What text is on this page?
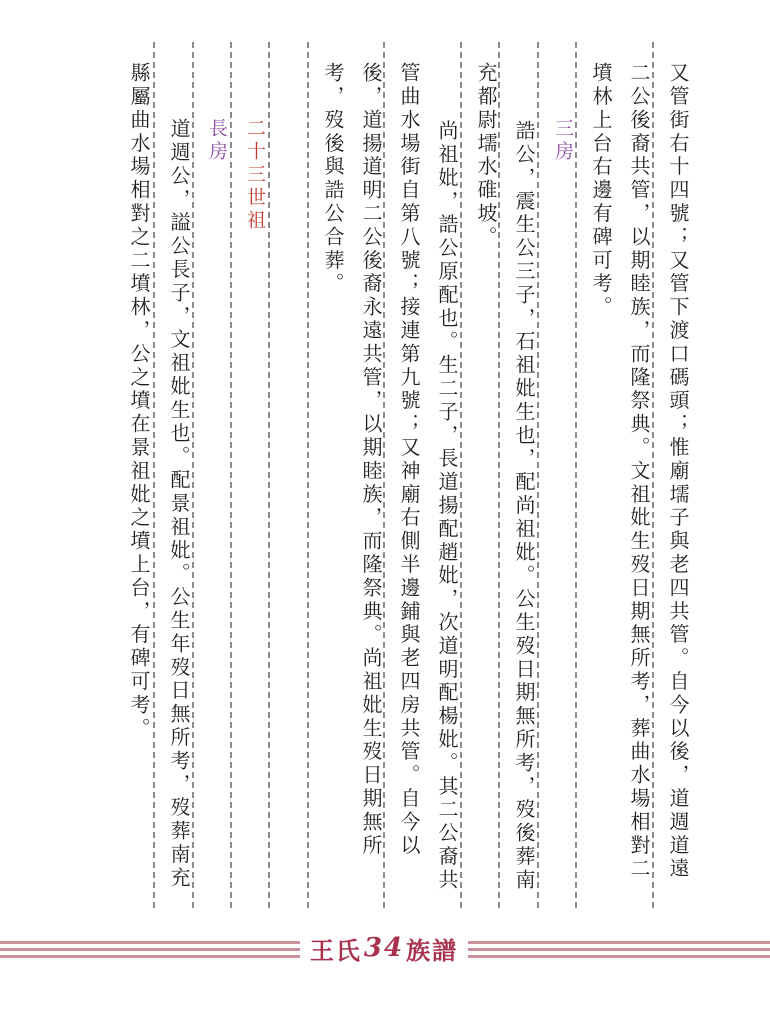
又管街右十四號；又管下渡口碼頭；惟廟壖子與老四共管。自今以後，道週道遠
二公後裔共管，以期睦族，而隆祭典。文祖妣生歿日期無所考，葬曲水場相對二
墳林上台右邊有碑可考。
三房
誥公，震生公三子，石祖妣生也，配尚祖妣。公生歿日期無所考，歿後葬南
充都尉壖水碓坡。
尚祖妣，誥公原配也。生二子，長道揚配趙妣，次道明配楊妣。其二公裔共
管曲水場街自第八號；接連第九號；又神廟右側半邊鋪與老四房共管。自今以
後，道揚道明二公後裔永遠共管，以期睦族，而隆祭典。尚祖妣生歿日期無所
考，歿後與誥公合葬。
二十三世祖
長房
道週公，謚公長子，文祖妣生也。配景祖妣。公生年歿日無所考，歿葬南充
縣屬曲水場相對之二墳林，公之墳在景祖妣之墳上台，有碑可考。
王氏 34 族譜
